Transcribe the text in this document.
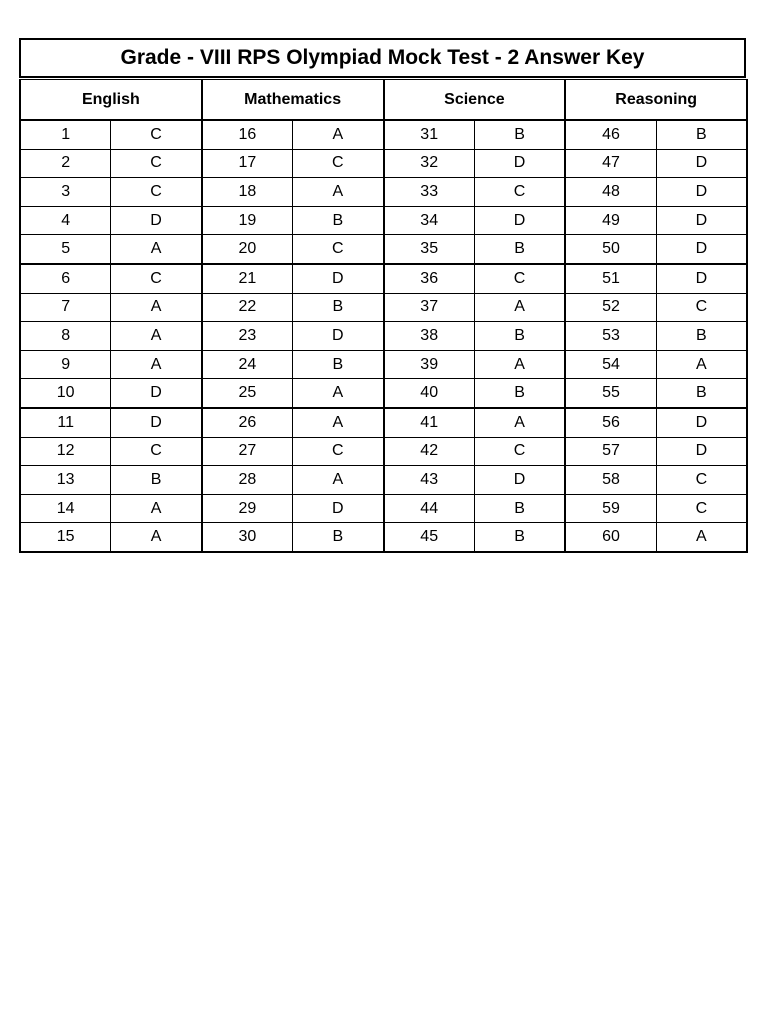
Grade - VIII RPS Olympiad Mock Test - 2 Answer Key
English		Mathematics		Science		Reasoning	
1	C	16	A	31	B	46	B
2	C	17	C	32	D	47	D
3	C	18	A	33	C	48	D
4	D	19	B	34	D	49	D
5	A	20	C	35	B	50	D
6	C	21	D	36	C	51	D
7	A	22	B	37	A	52	C
8	A	23	D	38	B	53	B
9	A	24	B	39	A	54	A
10	D	25	A	40	B	55	B
11	D	26	A	41	A	56	D
12	C	27	C	42	C	57	D
13	B	28	A	43	D	58	C
14	A	29	D	44	B	59	C
15	A	30	B	45	B	60	A
